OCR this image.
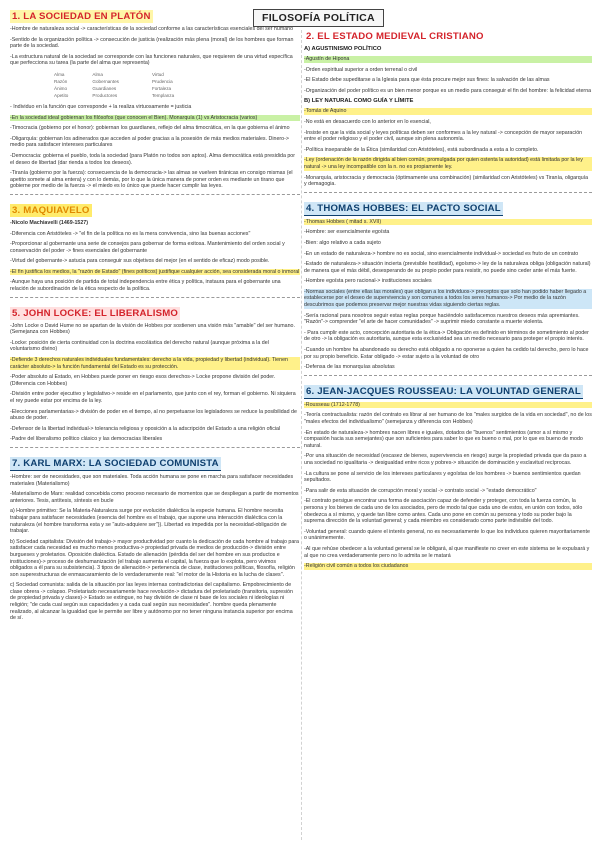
FILOSOFÍA POLÍTICA
1. LA SOCIEDAD EN PLATÓN

-Hombre de naturaleza social -> características de la sociedad conforme a las características esenciales del ser humano

-Sentido de la organización política -> consecución de justicia (realización más plena (moral) de los hombres que forman parte de la sociedad.

-La estructura natural de la sociedad se corresponde con las funciones naturales, que requieren de una virtud específica que perfecciona su tarea (la parte del alma que representa)

Alma	Alma	Virtud
Razón	Gobernantes	Prudencia
Ánimo	Guardianes	Fortaleza
Apetito	Productores	Templanza

- Individuo en la función que corresponde + la realiza virtuosamente = justicia

-En la sociedad ideal gobiernan los filósofos (que conocen el Bien). Monarquía (1) vs Aristocracia (varios)

-Timocracia (gobierno por el honor): gobiernan los guardianes, reflejo del alma timocrática, en la que gobierna el ánimo

-Oligarquía: gobiernan los adinerados que acceden al poder gracias a la posesión de más medios materiales. Dinero-> medio para satisfacer intereses particulares

-Democracia: gobierna el pueblo, toda la sociedad (para Platón no todos son aptos). Alma democrática está presidida por el deseo de libertad (dar rienda a todos los deseos).

-Tiranía (gobierno por la fuerza): consecuencia de la democracia-> las almas se vuelven tiránicas en consigo mismas (el apetito somete al alma entera) y con lo demás, por lo que la única manera de poner orden es mediante un tirano que gobierne por medio de la fuerza -> el miedo es lo único que puede hacer cumplir las leyes.

3. MAQUIAVELO

-Nicolo Machiavelli (1469-1527)

-Diferencia con Aristóteles -> "el fin de la política no es la mera convivencia, sino las buenas acciones"

-Proporcionar al gobernante una serie de consejos para gobernar de forma exitosa. Mantenimiento del orden social y conservación del poder -> fines esenciales del gobernante

-Virtud del gobernante-> astucia para conseguir sus objetivos del mejor (en el sentido de eficaz) modo posible.

-El fin justifica los medios, la "razón de Estado" (fines políticos) justifique cualquier acción, sea considerada moral o inmoral

-Aunque haya una posición de partida de total independencia entre ética y política, instaura para el gobernante una relación de subordinación de la ética respecto de la política.

5. JOHN LOCKE: EL LIBERALISMO

-John Locke o David Hume no se apartan de la visión de Hobbes por sostienen una visión más "amable" del ser humano. (Semejanza con Hobbes)

-Locke: posición de cierta continuidad con la doctrina escolástica del derecho natural (aunque próxima a la del voluntarismo divino)

-Defiende 3 derechos naturales individuales fundamentales: derecho a la vida, propiedad y libertad (individual). Tienen carácter absoluto-> la función fundamental del Estado es su protección.

-Poder absoluto al Estado, en Hobbes puede poner en riesgo esos derechos-> Locke propone división del poder. (Diferencia con Hobbes)

-División entre poder ejecutivo y legislativo-> reside en el parlamento, que junto con el rey, forman el gobierno. Ni siquiera el rey puede estar por encima de la ley.

-Elecciones parlamentarias-> división de poder en el tiempo, al no perpetuarse los legisladores se reduce la posibilidad de abuso de poder.

-Defensor de la libertad individual-> tolerancia religiosa y oposición a la adscripción del Estado a una religión oficial

-Padre del liberalismo político clásico y las democracias liberales

7. KARL MARX: LA SOCIEDAD COMUNISTA

-Hombre: ser de necesidades, que son materiales. Toda acción humana se pone en marcha para satisfacer necesidades materiales (Materialismo)

-Materialismo de Marx: realidad concebida como proceso necesario de momentos que se despliegan a partir de momentos anteriores. Tesis, antítesis, síntesis en bucle

a) Hombre primitivo: Se la Materia-Naturaleza surge por evolución dialéctica la especie humana. El hombre necesita trabajar para satisfacer necesidades (esencia del hombre es el trabajo, que supone una interacción dialéctica con la naturaleza (el hombre transforma esta y se "auto-adquiere ser")). Libertad es impedida por la necesidad-obligación de trabajar.

b) Sociedad capitalista: División del trabajo-> mayor productividad por cuanto la dedicación de cada hombre al trabajo para satisfacer cada necesidad es mucho menos productiva-> propiedad privada de medios de producción-> división entre burgueses y proletarios. Oposición dialéctica. Estado de alienación (pérdida del ser del hombre en sus productos e instituciones)-> proceso de deshumanización (el trabajo aumenta el capital, la fuerza que lo explota, pero vivimos obligados a él para su subsistencia). 3 tipos de alienación-> pertenencia de clase, instituciones políticas, filosofía, religión son superestructuras de enmascaramiento de lo verdaderamente real: "el motor de la Historia es la lucha de clases".

c) Sociedad comunista: salida de la situación por las leyes internas contradictorias del capitalismo. Empobrecimiento de clase obrera -> colapso. Proletariado necesariamente hace revolución-> dictadura del proletariado (transitoria, supresión de propiedad privada y clases)-> Estado se extingue, no hay división de clase ni base de los sociales ni ideologías ni religión; "de cada cual según sus capacidades y a cada cual según sus necesidades". hombre queda plenamente realizado, al alcanzar la igualdad que le permite ser libre y autónomo por no tener ninguna instancia superior por encima de sí.

2. EL ESTADO MEDIEVAL CRISTIANO
A) AGUSTINISMO POLÍTICO

-Agustín de Hipona

-Orden espiritual superior a orden terrenal o civil

-El Estado debe supeditarse a la Iglesia para que ésta procure mejor sus fines: la salvación de las almas

-Organización del poder político es un bien menor porque es un medio para conseguir el fin del hombre: la felicidad eterna

B) LEY NATURAL COMO GUÍA Y LÍMITE

-Tomás de Aquino

-No está en desacuerdo con lo anterior en lo esencial,

-Insiste en que la vida social y leyes políticas deben ser conformes a la ley natural -> concepción de mayor separación entre el poder religioso y el poder civil, aunque sin plena autonomía.

-Política inseparable de la Ética (similaridad con Aristóteles), está subordinada a esta a lo completo.

-Ley (ordenación de la razón dirigida al bien común, promulgada por quien ostenta la autoridad) está limitada por la ley natural -> una ley incompatible con la n. no es propiamente ley.

-Monarquía, aristocracia y democracia (óptimamente una combinación) (similaridad con Aristóteles) vs Tiranía, oligarquía y demagogia.

4. THOMAS HOBBES: EL PACTO SOCIAL

-Thomas Hobbes ( mitad s. XVII)

-Hombre: ser esencialmente egoísta

-Bien: algo relativo a cada sujeto

-En un estado de naturaleza-> hombre no es social, sino esencialmente individual-> sociedad es fruto de un contrato

-Estado de naturaleza-> situación incierta (previsible hostilidad), egoísmo-> ley de la naturaleza obliga (obligación natural) de manera que el más débil, desesperando de su propio poder para resistir, no puede sino ceder ante el más fuerte.

-Hombre egoísta pero racional-> instituciones sociales

-Normas sociales (entre ellas las morales) que obligan a los individuos-> preceptos que solo han podido haber llegado a establecerse por el deseo de supervivencia y son comunes a todos los seres humanos-> Por medio de la razón descubrimos que podemos preservar mejor nuestras vidas siguiendo ciertas reglas.

-Sería racional para nosotros seguir estas reglas porque haciéndolo satisfacemos nuestros deseos más apremiantes. "Razón"-> comprender "el arte de hacer comunidades" -> suprimir miedo constante a muerte violenta.

- Para cumplir este acto, concepción autoritaria de la ética-> Obligación es definido en términos de sometimiento al poder de otro -> la obligación es autoritaria, aunque esta exclusividad sea un medio necesario para proteger el propio interés.

-Cuando un hombre ha abandonado su derecho está obligado a no oponerse a quien ha cedido tal derecho, pero lo hace por su propio beneficio. Estar obligado -> estar sujeto a la voluntad de otro

-Defensa de las monarquías absolutas

6. JEAN-JACQUES ROUSSEAU: LA VOLUNTAD GENERAL

-Rousseau (1712-1778)

-Teoría contractualista: razón del contrato es librar al ser humano de los "males surgidos de la vida en sociedad", no de los "males efectos del individualismo" (semejanza y diferencia con Hobbes)

-En estado de naturaleza-> hombres nacen libres e iguales, dotados de "buenos" sentimientos (amor a sí mismo y compasión hacia sus semejantes) que son suficientes para saber lo que es bueno o mal, por lo que es bueno de modo natural.

-Por una situación de necesidad (escasez de bienes, supervivencia en riesgo) surge la propiedad privada que da paso a una sociedad no igualitaria -> desigualdad entre ricos y pobres-> situación de dominación y esclavitud recíprocas.

-La cultura se pone al servicio de los intereses particulares y egoístas de los hombres -> buenos sentimientos quedan sepultados.

-Para salir de esta situación de corrupción moral y social -> contrato social -> "estado democrático"

-El contrato persigue encontrar una forma de asociación capaz de defender y proteger, con toda la fuerza común, la persona y los bienes de cada uno de los asociados, pero de modo tal que cada uno de estos, en unión con todos, sólo obedezca a sí mismo, y quede tan libre como antes. Cada uno pone en común su persona y todo su poder bajo la suprema dirección de la voluntad general; y cada miembro es considerado como parte indivisible del todo.

-Voluntad general: cuando quiere el interés general, no es necesariamente lo que los individuos quieren mayoritariamente o unánimemente.

-Al que rehúse obedecer a la voluntad general se le obligará, al que manifieste no creer en este sistema se le expulsará y al que no crea verdaderamente pero no lo admita se le matará

-Religión civil común a todos los ciudadanos
